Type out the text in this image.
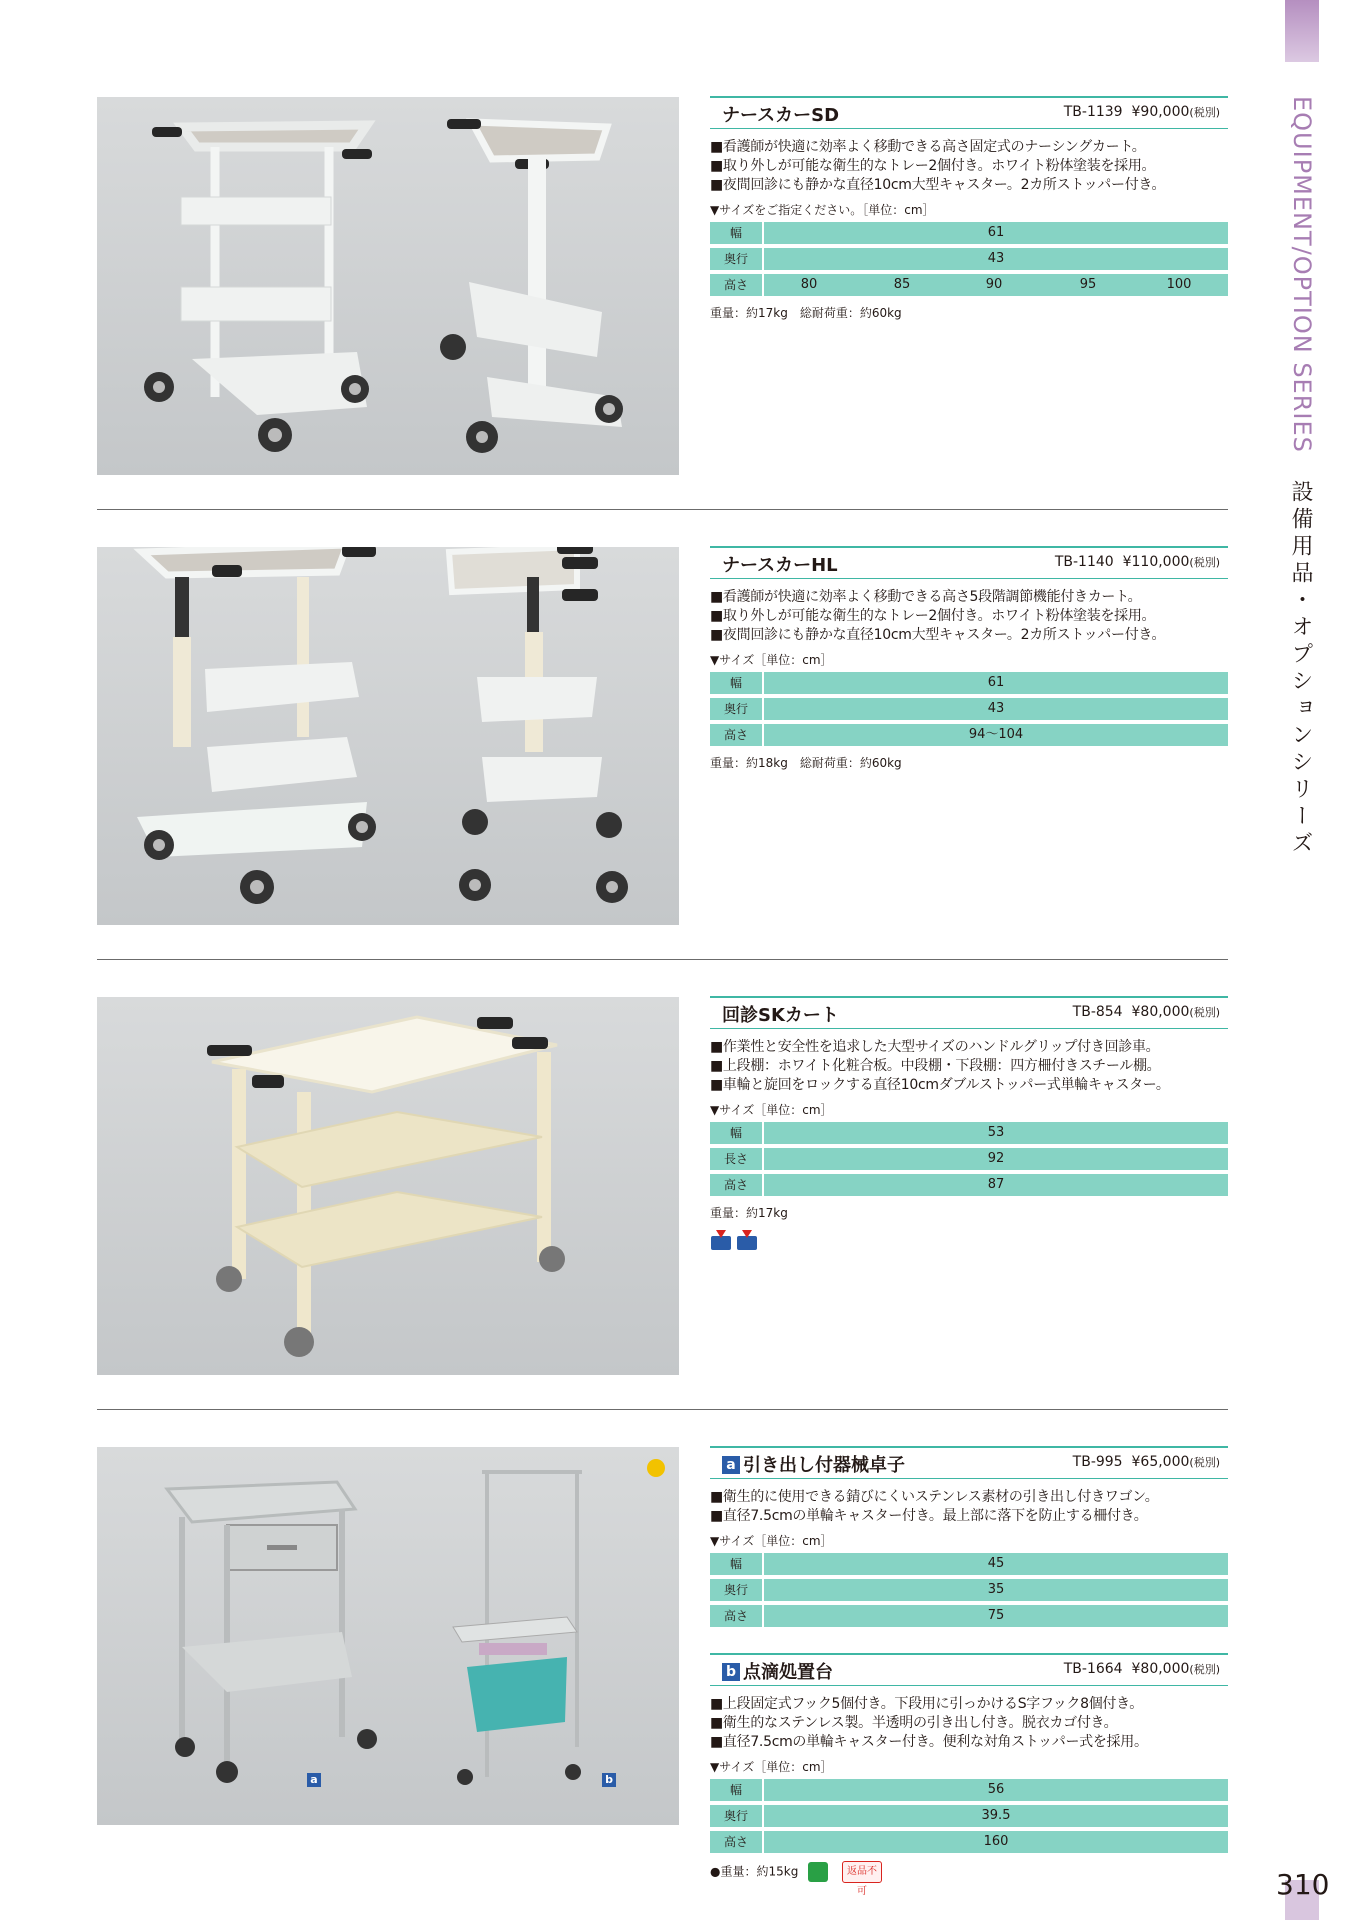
EQUIPMENT/OPTION SERIES
設備用品・オプションシリーズ
310
a	b
ナースカーSD	TB-1139 ¥90,000(税別)
■看護師が快適に効率よく移動できる高さ固定式のナーシングカート。
■取り外しが可能な衛生的なトレー2個付き。ホワイト粉体塗装を採用。
■夜間回診にも静かな直径10cm大型キャスター。2カ所ストッパー付き。
▼サイズをご指定ください。［単位：cm］
幅	61
奥行	43
高さ	80	85	90	95	100
重量：約17kg　総耐荷重：約60kg
ナースカーHL	TB-1140 ¥110,000(税別)
■看護師が快適に効率よく移動できる高さ5段階調節機能付きカート。
■取り外しが可能な衛生的なトレー2個付き。ホワイト粉体塗装を採用。
■夜間回診にも静かな直径10cm大型キャスター。2カ所ストッパー付き。
▼サイズ［単位：cm］
幅	61
奥行	43
高さ	94〜104
重量：約18kg　総耐荷重：約60kg
回診SKカート	TB-854 ¥80,000(税別)
■作業性と安全性を追求した大型サイズのハンドルグリップ付き回診車。
■上段棚：ホワイト化粧合板。中段棚・下段棚：四方柵付きスチール棚。
■車輪と旋回をロックする直径10cmダブルストッパー式単輪キャスター。
▼サイズ［単位：cm］
幅	53
長さ	92
高さ	87
重量：約17kg
a 引き出し付器械卓子	TB-995 ¥65,000(税別)
■衛生的に使用できる錆びにくいステンレス素材の引き出し付きワゴン。
■直径7.5cmの単輪キャスター付き。最上部に落下を防止する柵付き。
▼サイズ［単位：cm］
幅	45
奥行	35
高さ	75
b 点滴処置台	TB-1664 ¥80,000(税別)
■上段固定式フック5個付き。下段用に引っかけるS字フック8個付き。
■衛生的なステンレス製。半透明の引き出し付き。脱衣カゴ付き。
■直径7.5cmの単輪キャスター付き。便利な対角ストッパー式を採用。
▼サイズ［単位：cm］
幅	56
奥行	39.5
高さ	160
●重量：約15kg	返品不可
